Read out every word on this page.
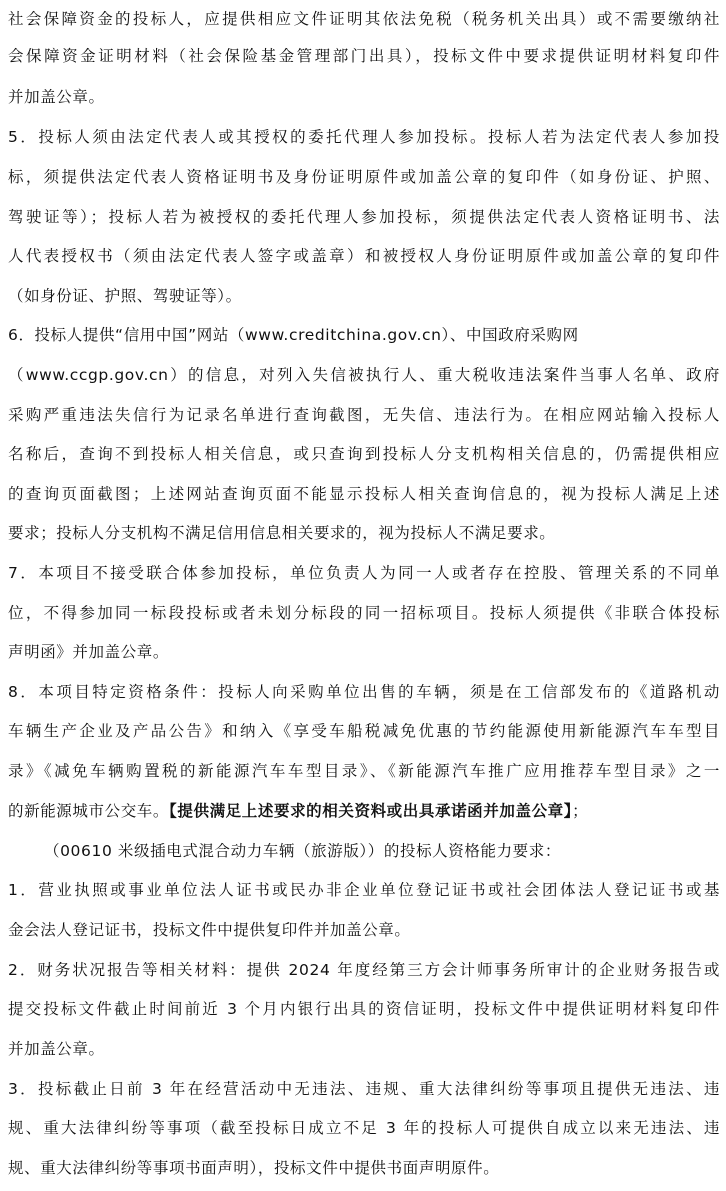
社会保障资金的投标人，应提供相应文件证明其依法免税（税务机关出具）或不需要缴纳社
会保障资金证明材料（社会保险基金管理部门出具），投标文件中要求提供证明材料复印件
并加盖公章。
5．投标人须由法定代表人或其授权的委托代理人参加投标。投标人若为法定代表人参加投
标，须提供法定代表人资格证明书及身份证明原件或加盖公章的复印件（如身份证、护照、
驾驶证等）；投标人若为被授权的委托代理人参加投标，须提供法定代表人资格证明书、法
人代表授权书（须由法定代表人签字或盖章）和被授权人身份证明原件或加盖公章的复印件
（如身份证、护照、驾驶证等）。
6．投标人提供“信用中国”网站（www.creditchina.gov.cn）、中国政府采购网
（www.ccgp.gov.cn）的信息，对列入失信被执行人、重大税收违法案件当事人名单、政府
采购严重违法失信行为记录名单进行查询截图，无失信、违法行为。在相应网站输入投标人
名称后，查询不到投标人相关信息，或只查询到投标人分支机构相关信息的，仍需提供相应
的查询页面截图；上述网站查询页面不能显示投标人相关查询信息的，视为投标人满足上述
要求；投标人分支机构不满足信用信息相关要求的，视为投标人不满足要求。
7．本项目不接受联合体参加投标，单位负责人为同一人或者存在控股、管理关系的不同单
位，不得参加同一标段投标或者未划分标段的同一招标项目。投标人须提供《非联合体投标
声明函》并加盖公章。
8．本项目特定资格条件：投标人向采购单位出售的车辆，须是在工信部发布的《道路机动
车辆生产企业及产品公告》和纳入《享受车船税减免优惠的节约能源使用新能源汽车车型目
录》《减免车辆购置税的新能源汽车车型目录》、《新能源汽车推广应用推荐车型目录》之一
的新能源城市公交车。【提供满足上述要求的相关资料或出具承诺函并加盖公章】；
（00610 米级插电式混合动力车辆（旅游版））的投标人资格能力要求：
1．营业执照或事业单位法人证书或民办非企业单位登记证书或社会团体法人登记证书或基
金会法人登记证书，投标文件中提供复印件并加盖公章。
2．财务状况报告等相关材料：提供 2024 年度经第三方会计师事务所审计的企业财务报告或
提交投标文件截止时间前近 3 个月内银行出具的资信证明，投标文件中提供证明材料复印件
并加盖公章。
3．投标截止日前 3 年在经营活动中无违法、违规、重大法律纠纷等事项且提供无违法、违
规、重大法律纠纷等事项（截至投标日成立不足 3 年的投标人可提供自成立以来无违法、违
规、重大法律纠纷等事项书面声明），投标文件中提供书面声明原件。
